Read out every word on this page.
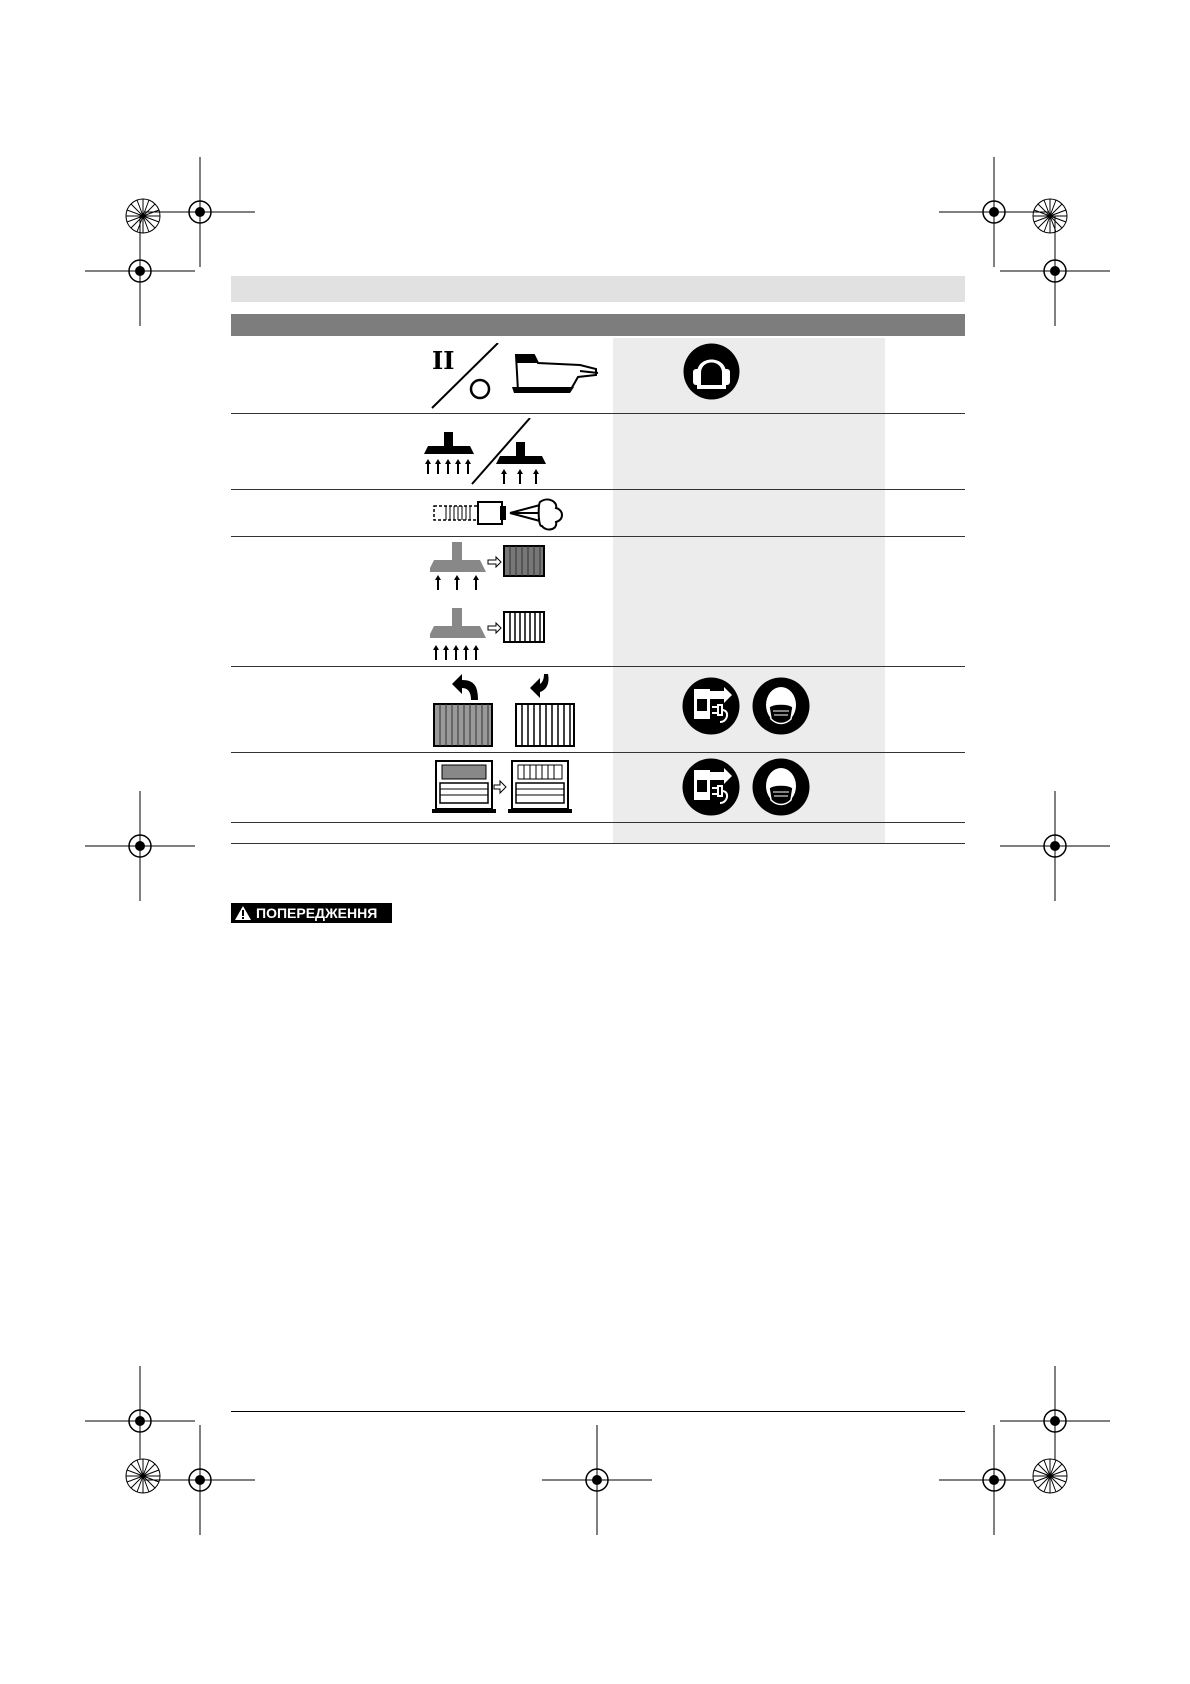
II
ПОПЕРЕДЖЕННЯ
